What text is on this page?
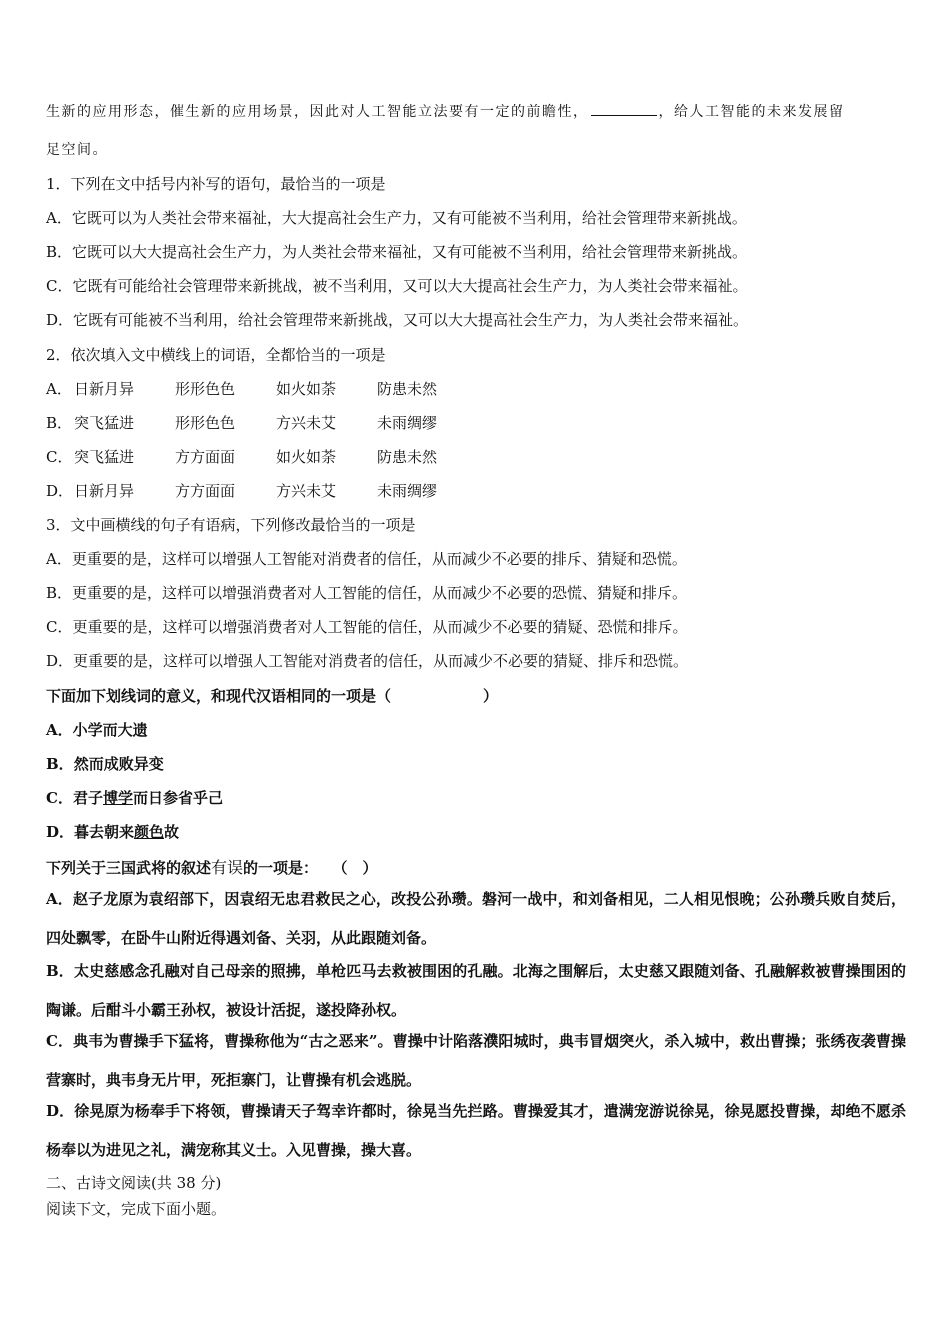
生新的应用形态，催生新的应用场景，因此对人工智能立法要有一定的前瞻性，	，给人工智能的未来发展留
足空间。
1．下列在文中括号内补写的语句，最恰当的一项是
A．它既可以为人类社会带来福祉，大大提高社会生产力，又有可能被不当利用，给社会管理带来新挑战。
B．它既可以大大提高社会生产力，为人类社会带来福祉，又有可能被不当利用，给社会管理带来新挑战。
C．它既有可能给社会管理带来新挑战，被不当利用，又可以大大提高社会生产力，为人类社会带来福祉。
D．它既有可能被不当利用，给社会管理带来新挑战，又可以大大提高社会生产力，为人类社会带来福祉。
2．依次填入文中横线上的词语，全都恰当的一项是
A． 日新月异	形形色色	如火如荼	防患未然
B． 突飞猛进	形形色色	方兴未艾	未雨绸缪
C． 突飞猛进	方方面面	如火如荼	防患未然
D． 日新月异	方方面面	方兴未艾	未雨绸缪
3．文中画横线的句子有语病，下列修改最恰当的一项是
A．更重要的是，这样可以增强人工智能对消费者的信任，从而减少不必要的排斥、猜疑和恐慌。
B．更重要的是，这样可以增强消费者对人工智能的信任，从而减少不必要的恐慌、猜疑和排斥。
C．更重要的是，这样可以增强消费者对人工智能的信任，从而减少不必要的猜疑、恐慌和排斥。
D．更重要的是，这样可以增强人工智能对消费者的信任，从而减少不必要的猜疑、排斥和恐慌。
下面加下划线词的意义，和现代汉语相同的一项是（	）
A．小学而大遗
B．然而成败异变
C．君子博学而日参省乎己
D．暮去朝来颜色故
下列关于三国武将的叙述有误的一项是： （　）
A．赵子龙原为袁绍部下，因袁绍无忠君救民之心，改投公孙瓒。磐河一战中，和刘备相见，二人相见恨晚；公孙瓒兵败自焚后，四处飘零，在卧牛山附近得遇刘备、关羽，从此跟随刘备。
B．太史慈感念孔融对自己母亲的照拂，单枪匹马去救被围困的孔融。北海之围解后，太史慈又跟随刘备、孔融解救被曹操围困的陶谦。后酣斗小霸王孙权，被设计活捉，遂投降孙权。
C．典韦为曹操手下猛将，曹操称他为“古之恶来”。曹操中计陷落濮阳城时，典韦冒烟突火，杀入城中，救出曹操；张绣夜袭曹操营寨时，典韦身无片甲，死拒寨门，让曹操有机会逃脱。
D．徐晃原为杨奉手下将领，曹操请天子驾幸许都时，徐晃当先拦路。曹操爱其才，遣满宠游说徐晃，徐晃愿投曹操，却绝不愿杀杨奉以为进见之礼，满宠称其义士。入见曹操，操大喜。
二、古诗文阅读(共 38 分)
阅读下文，完成下面小题。
